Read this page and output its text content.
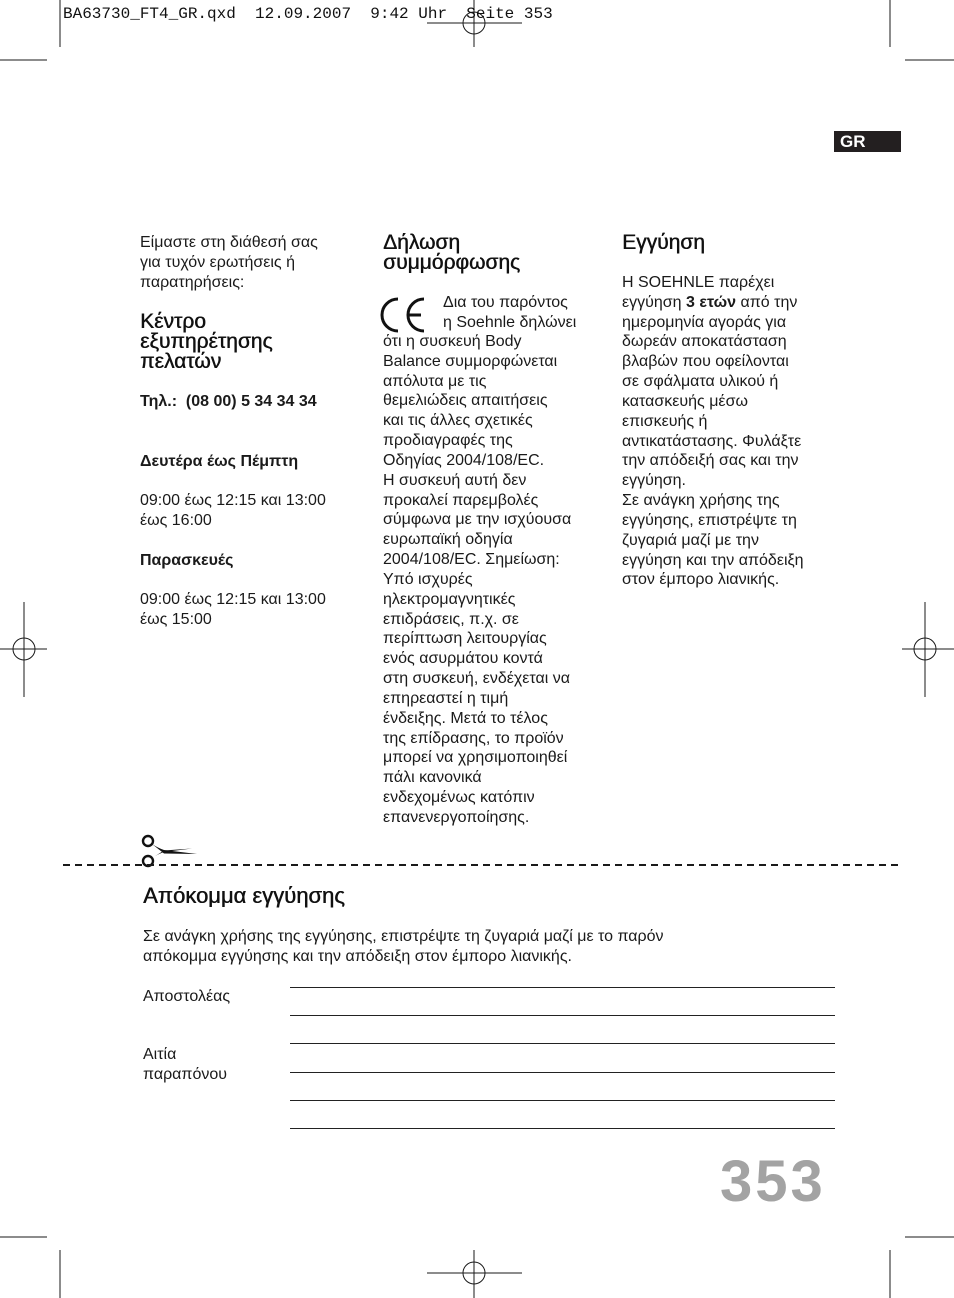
BA63730_FT4_GR.qxd  12.09.2007  9:42 Uhr  Seite 353
GR
Είμαστε στη διάθεσή σας
για τυχόν ερωτήσεις ή
παρατηρήσεις:
Κέντρο
εξυπηρέτησης
πελατών
Τηλ.:  (08 00) 5 34 34 34
Δευτέρα έως Πέμπτη
09:00 έως 12:15 και 13:00
έως 16:00
Παρασκευές
09:00 έως 12:15 και 13:00
έως 15:00
Δήλωση
συμμόρφωσης
Δια του παρόντος
η Soehnle δηλώνει
ότι η συσκευή Body
Balance συμμορφώνεται
απόλυτα με τις
θεμελιώδεις απαιτήσεις
και τις άλλες σχετικές
προδιαγραφές της
Οδηγίας 2004/108/EC.
Η συσκευή αυτή δεν
προκαλεί παρεμβολές
σύμφωνα με την ισχύουσα
ευρωπαϊκή οδηγία
2004/108/EC. Σημείωση:
Υπό ισχυρές
ηλεκτρομαγνητικές
επιδράσεις, π.χ. σε
περίπτωση λειτουργίας
ενός ασυρμάτου κοντά
στη συσκευή, ενδέχεται να
επηρεαστεί η τιμή
ένδειξης. Μετά το τέλος
της επίδρασης, το προϊόν
μπορεί να χρησιμοποιηθεί
πάλι κανονικά
ενδεχομένως κατόπιν
επανενεργοποίησης.
Εγγύηση
Η SOEHNLE παρέχει
εγγύηση 3 ετών από την
ημερομηνία αγοράς για
δωρεάν αποκατάσταση
βλαβών που οφείλονται
σε σφάλματα υλικού ή
κατασκευής μέσω
επισκευής ή
αντικατάστασης. Φυλάξτε
την απόδειξή σας και την
εγγύηση.
Σε ανάγκη χρήσης της
εγγύησης, επιστρέψτε τη
ζυγαριά μαζί με την
εγγύηση και την απόδειξη
στον έμπορο λιανικής.
Απόκομμα εγγύησης
Σε ανάγκη χρήσης της εγγύησης, επιστρέψτε τη ζυγαριά μαζί με το παρόν
απόκομμα εγγύησης και την απόδειξη στον έμπορο λιανικής.
Αποστολέας
Αιτία
παραπόνου
353
